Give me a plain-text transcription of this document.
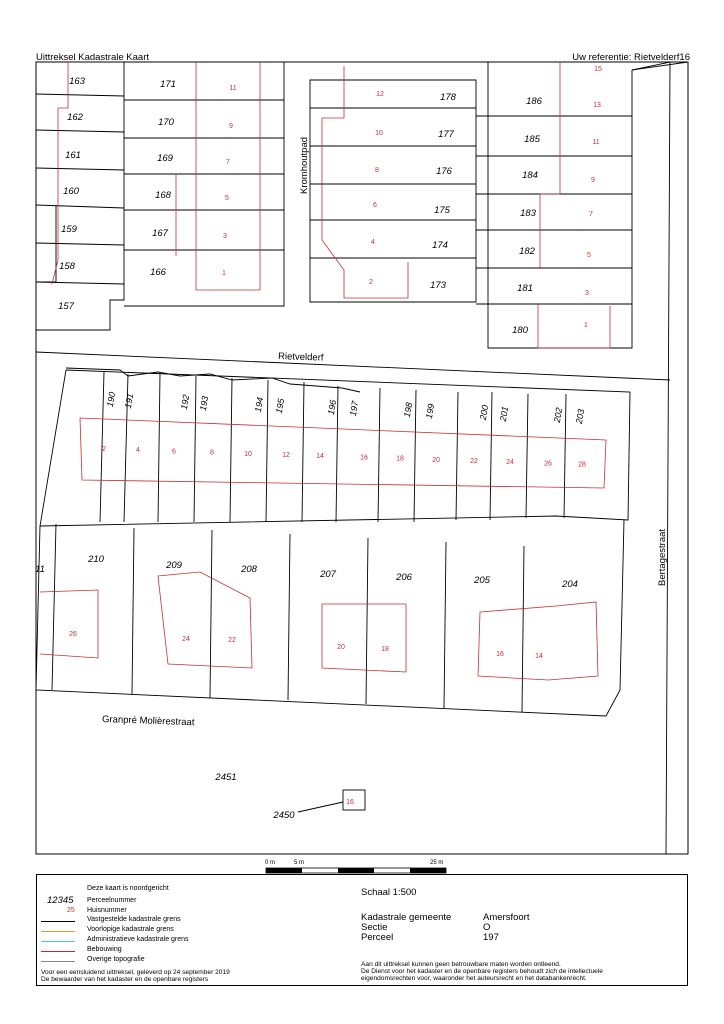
Uittreksel Kadastrale Kaart	Uw referentie: Rietvelderf16
11
9
7
5
3
1
12
10
8
6
4
2
15
13
11
9
7
5
3
1
2	4	6	8	10	12	14	16	18	20	22	24	26	28
190 191	192 193	194 195	196 197	198 199	200 201	202 203
26
24	22
20	18
16	14
16
163
162
161
160
159
158
157
171
170
169
168
167
166
178
177
176
175
174
173
186
185
184
183
182
181
180
11
210
209	208	207	206	205	204
2451
2450
Kromhoutpad
Rietvelderf
Granpré Molièrestraat
Bertagestraat
0 m	5 m	25 m
Deze kaart is noordgericht
12345 Perceelnummer
25 Huisnummer
Vastgestelde kadastrale grens
Voorlopige kadastrale grens
Administratieve kadastrale grens
Bebouwing
Overige topografie
Voor een eensluidend uittreksel, geleverd op 24 september 2019
De bewaarder van het kadaster en de openbare registers
Schaal 1:500
Kadastrale gemeente	Amersfoort
Sectie	O
Perceel	197
Aan dit uittreksel kunnen geen betrouwbare maten worden ontleend.
De Dienst voor het kadaster en de openbare registers behoudt zich de intellectuele
eigendomsrechten voor, waaronder het auteursrecht en het databankenrecht.
